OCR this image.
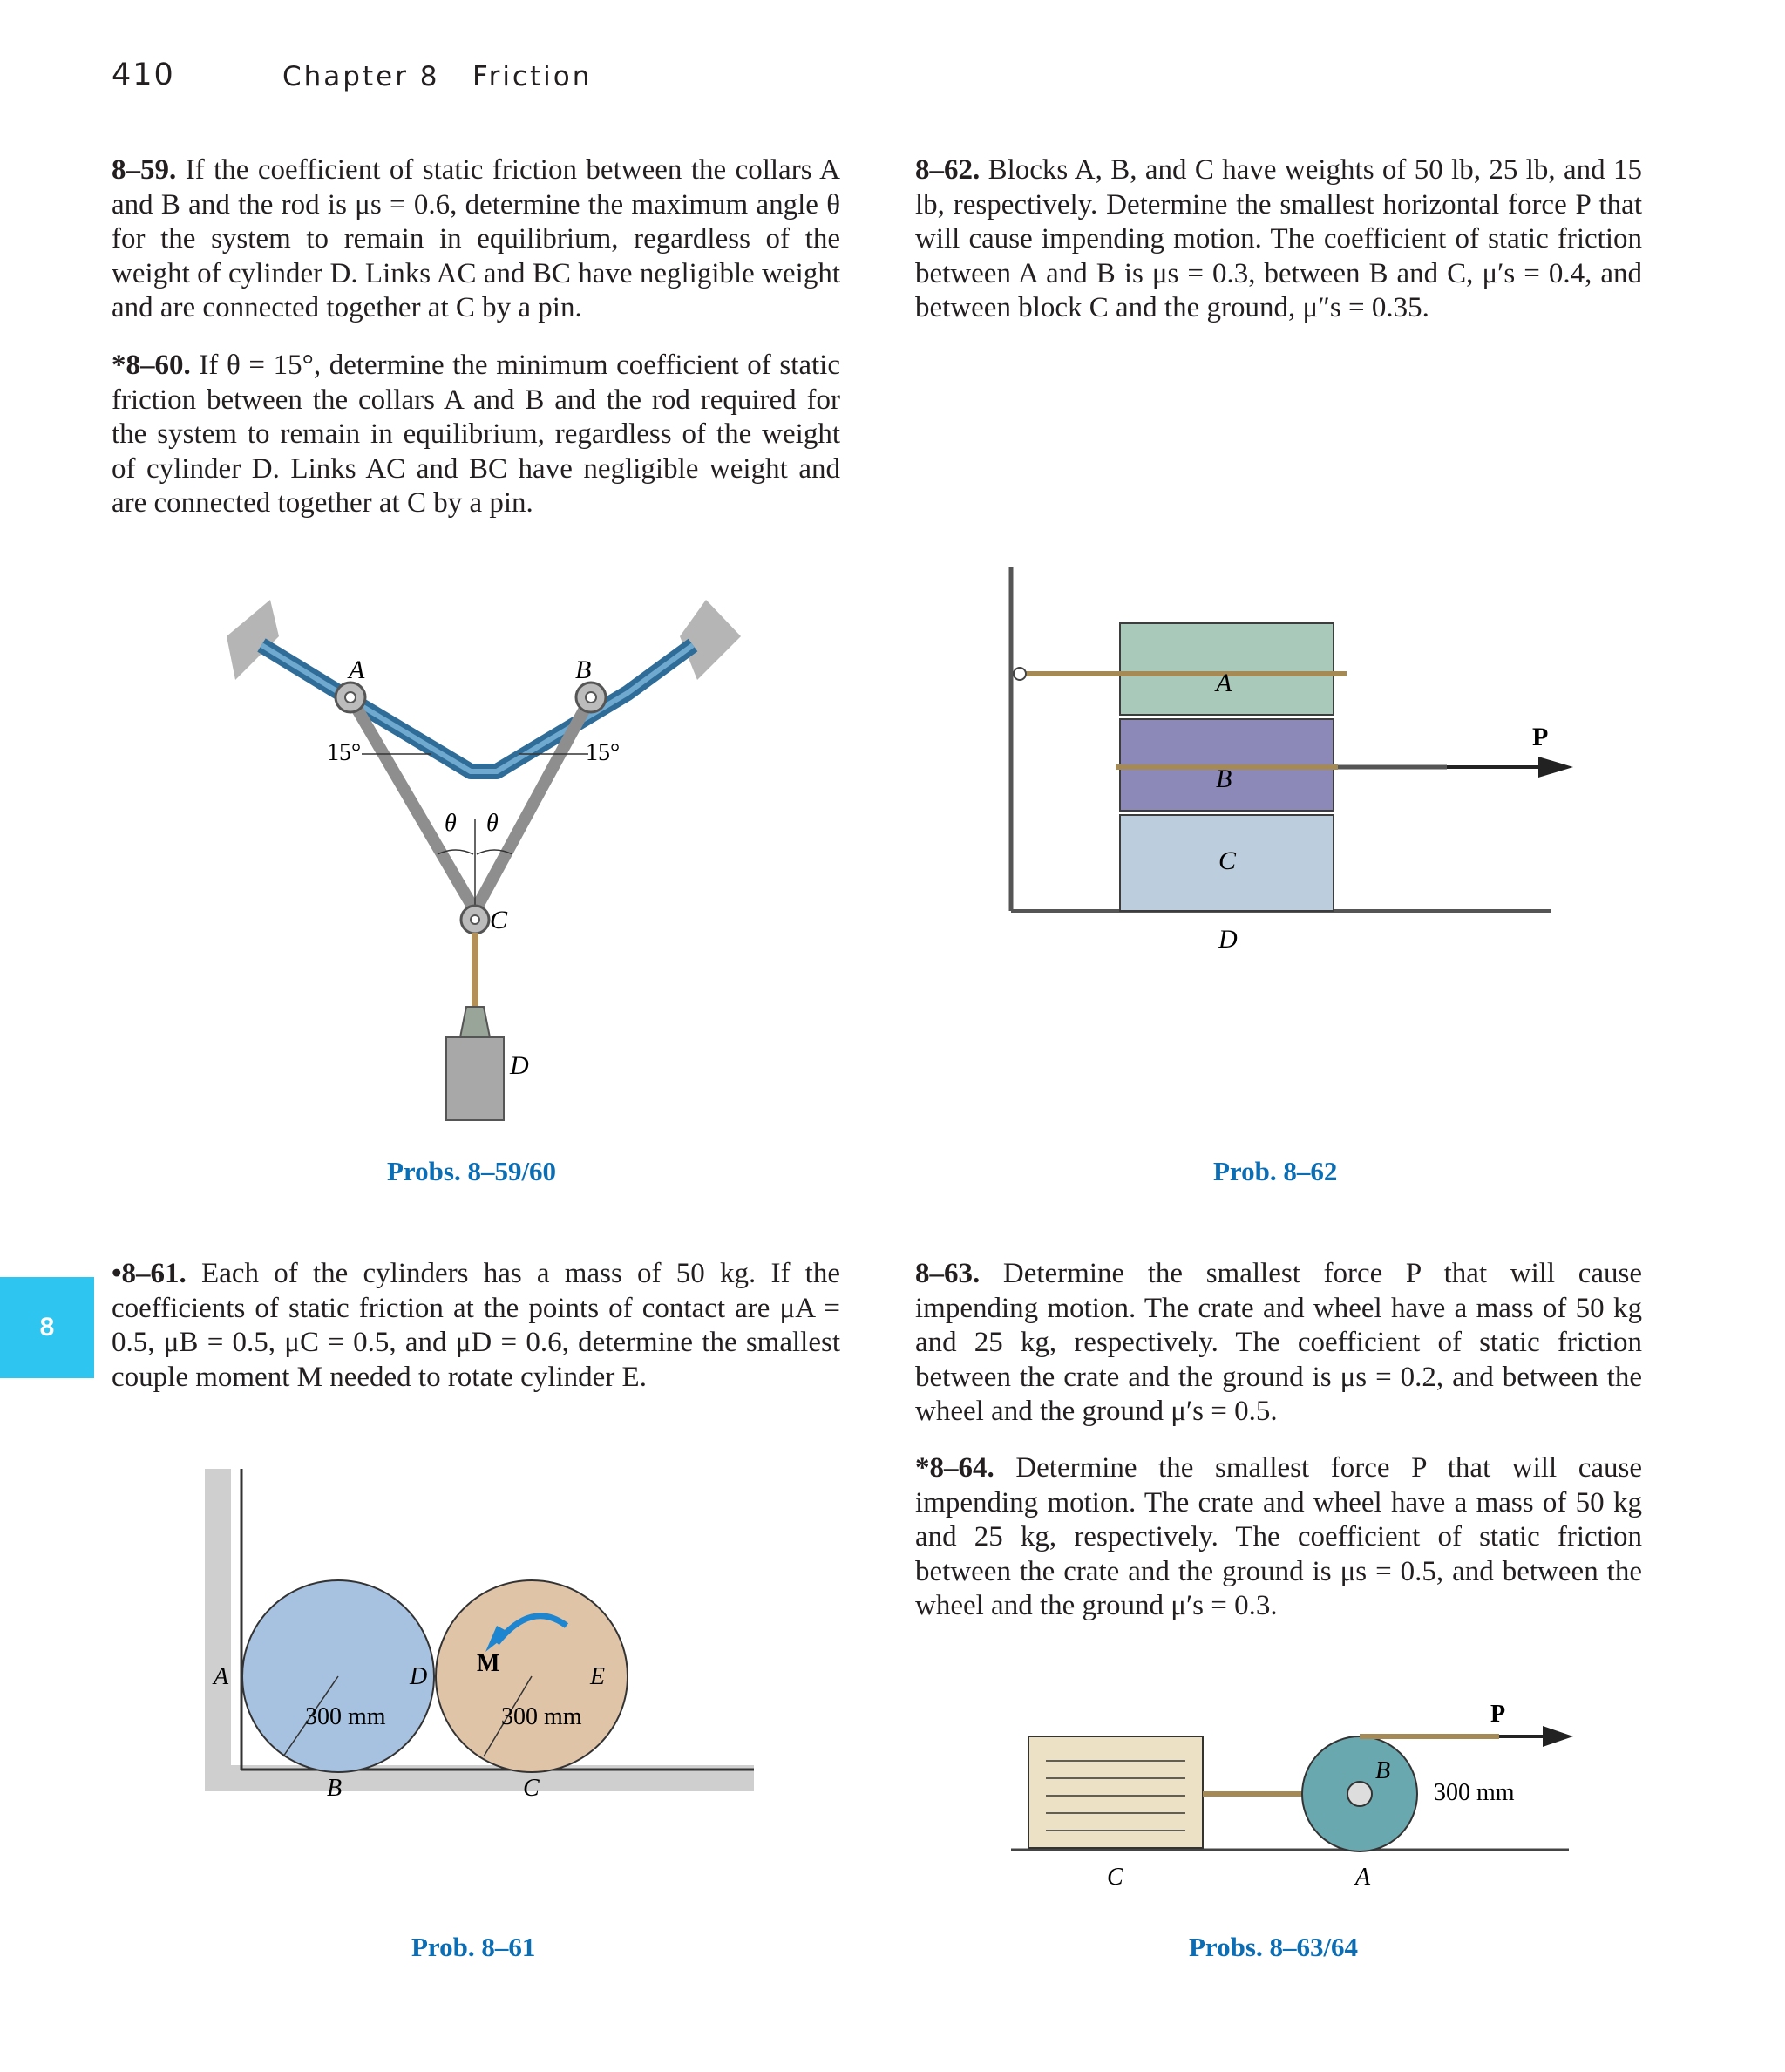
410	Chapter 8 Friction
8
8–59. If the coefficient of static friction between the collars A and B and the rod is μs = 0.6, determine the maximum angle θ for the system to remain in equilibrium, regardless of the weight of cylinder D. Links AC and BC have negligible weight and are connected together at C by a pin.
*8–60. If θ = 15°, determine the minimum coefficient of static friction between the collars A and B and the rod required for the system to remain in equilibrium, regardless of the weight of cylinder D. Links AC and BC have negligible weight and are connected together at C by a pin.
•8–61. Each of the cylinders has a mass of 50 kg. If the coefficients of static friction at the points of contact are μA = 0.5, μB = 0.5, μC = 0.5, and μD = 0.6, determine the smallest couple moment M needed to rotate cylinder E.
8–62. Blocks A, B, and C have weights of 50 lb, 25 lb, and 15 lb, respectively. Determine the smallest horizontal force P that will cause impending motion. The coefficient of static friction between A and B is μs = 0.3, between B and C, μ′s = 0.4, and between block C and the ground, μ″s = 0.35.
8–63. Determine the smallest force P that will cause impending motion. The crate and wheel have a mass of 50 kg and 25 kg, respectively. The coefficient of static friction between the crate and the ground is μs = 0.2, and between the wheel and the ground μ′s = 0.5.
*8–64. Determine the smallest force P that will cause impending motion. The crate and wheel have a mass of 50 kg and 25 kg, respectively. The coefficient of static friction between the crate and the ground is μs = 0.5, and between the wheel and the ground μ′s = 0.3.
A	B
C
D
15°	15°
θ θ
Probs. 8–59/60
A
B
C
D
P
Prob. 8–62
A
B	C
D	E
M
300 mm	300 mm
Prob. 8–61
C	A
B
P
300 mm
Probs. 8–63/64
